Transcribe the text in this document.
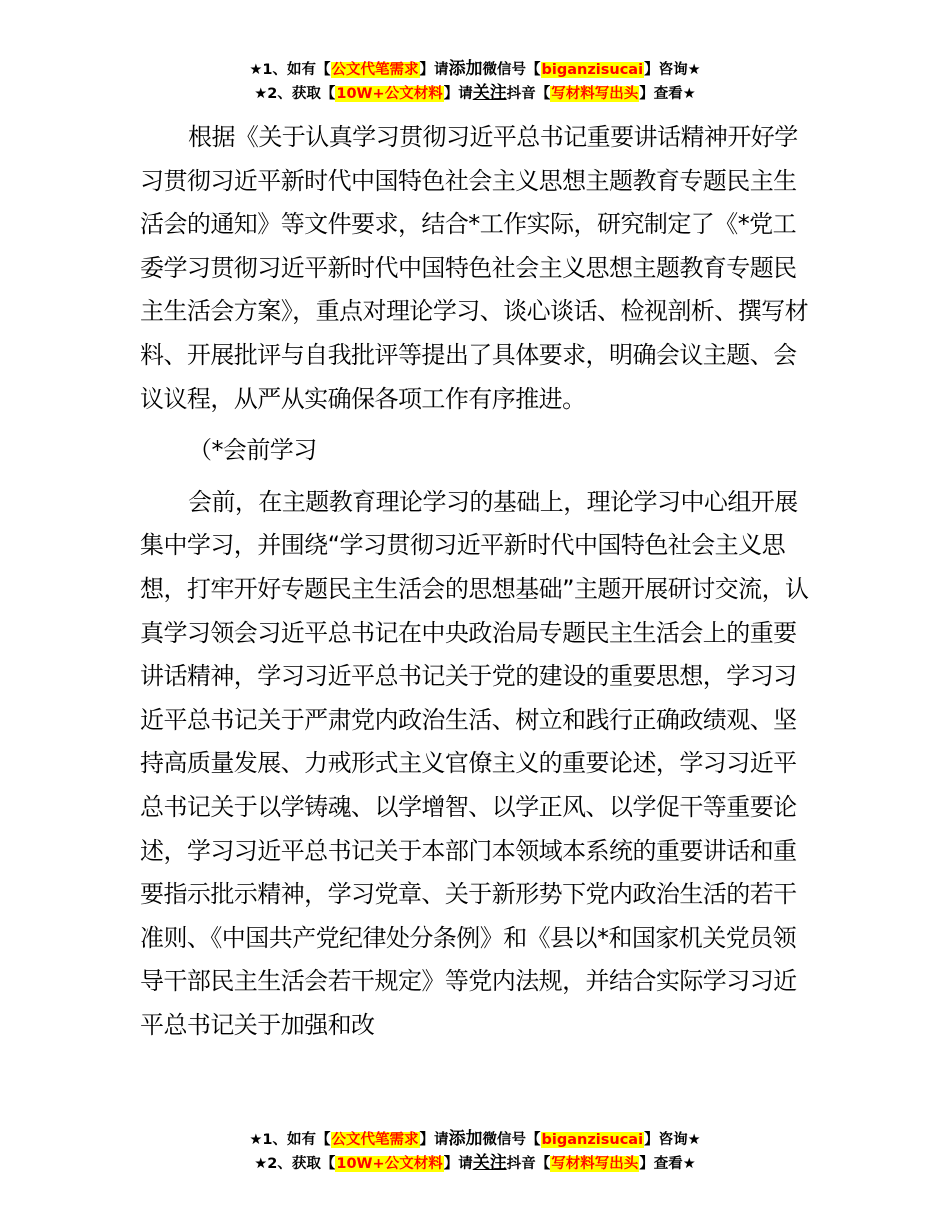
★1、如有【公文代笔需求】请添加微信号【biganzisucai】咨询★
★2、获取【10W+公文材料】请关注抖音【写材料写出头】查看★

根据《关于认真学习贯彻习近平总书记重要讲话精神开好学习贯彻习近平新时代中国特色社会主义思想主题教育专题民主生活会的通知》等文件要求，结合*工作实际，研究制定了《*党工委学习贯彻习近平新时代中国特色社会主义思想主题教育专题民主生活会方案》，重点对理论学习、谈心谈话、检视剖析、撰写材料、开展批评与自我批评等提出了具体要求，明确会议主题、会议议程，从严从实确保各项工作有序推进。

（*会前学习

会前，在主题教育理论学习的基础上，理论学习中心组开展集中学习，并围绕“学习贯彻习近平新时代中国特色社会主义思想，打牢开好专题民主生活会的思想基础”主题开展研讨交流，认真学习领会习近平总书记在中央政治局专题民主生活会上的重要讲话精神，学习习近平总书记关于党的建设的重要思想，学习习近平总书记关于严肃党内政治生活、树立和践行正确政绩观、坚持高质量发展、力戒形式主义官僚主义的重要论述，学习习近平总书记关于以学铸魂、以学增智、以学正风、以学促干等重要论述，学习习近平总书记关于本部门本领域本系统的重要讲话和重要指示批示精神，学习党章、关于新形势下党内政治生活的若干准则、《中国共产党纪律处分条例》和《县以*和国家机关党员领导干部民主生活会若干规定》等党内法规，并结合实际学习习近平总书记关于加强和改

★1、如有【公文代笔需求】请添加微信号【biganzisucai】咨询★
★2、获取【10W+公文材料】请关注抖音【写材料写出头】查看★
